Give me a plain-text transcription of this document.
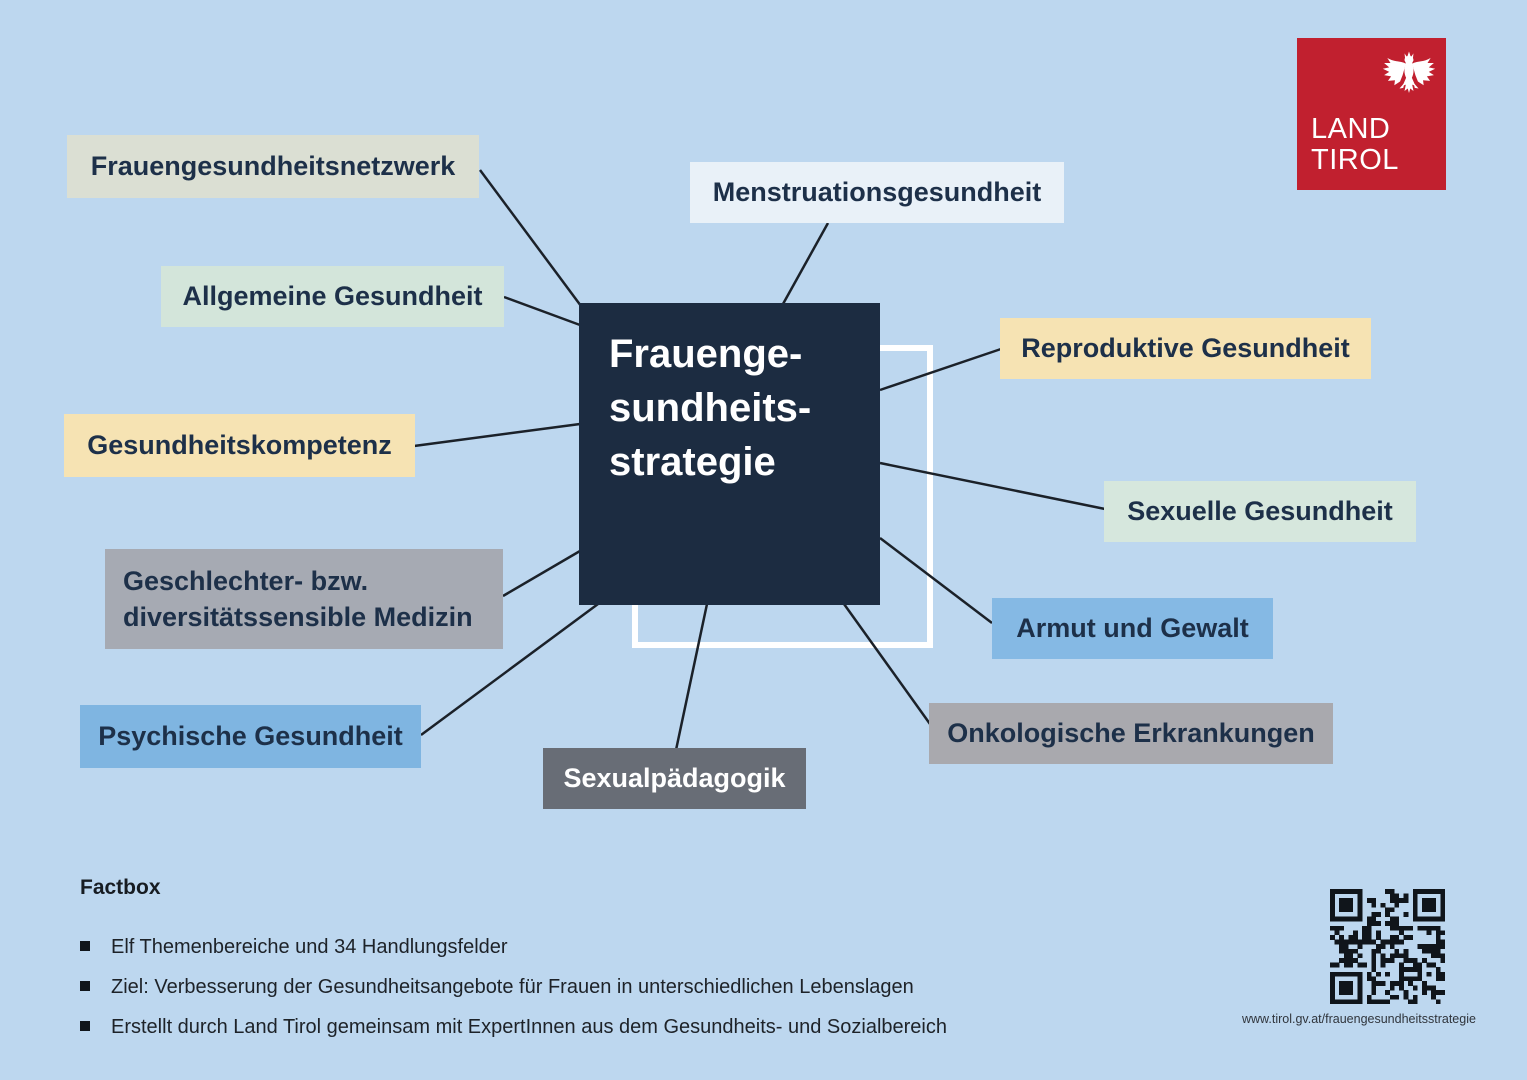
Frauengesundheitsnetzwerk
Allgemeine Gesundheit
Gesundheitskompetenz
Geschlechter- bzw. diversitätssensible Medizin
Psychische Gesundheit
Sexualpädagogik
Menstruationsgesundheit
Reproduktive Gesundheit
Sexuelle Gesundheit
Armut und Gewalt
Onkologische Erkrankungen
Frauenge-
sundheits-
strategie
LAND
TIROL
Factbox
Elf Themenbereiche und 34 Handlungsfelder
Ziel: Verbesserung der Gesundheitsangebote für Frauen in unterschiedlichen Lebenslagen
Erstellt durch Land Tirol gemeinsam mit ExpertInnen aus dem Gesundheits- und Sozialbereich	www.tirol.gv.at/frauengesundheitsstrategie
